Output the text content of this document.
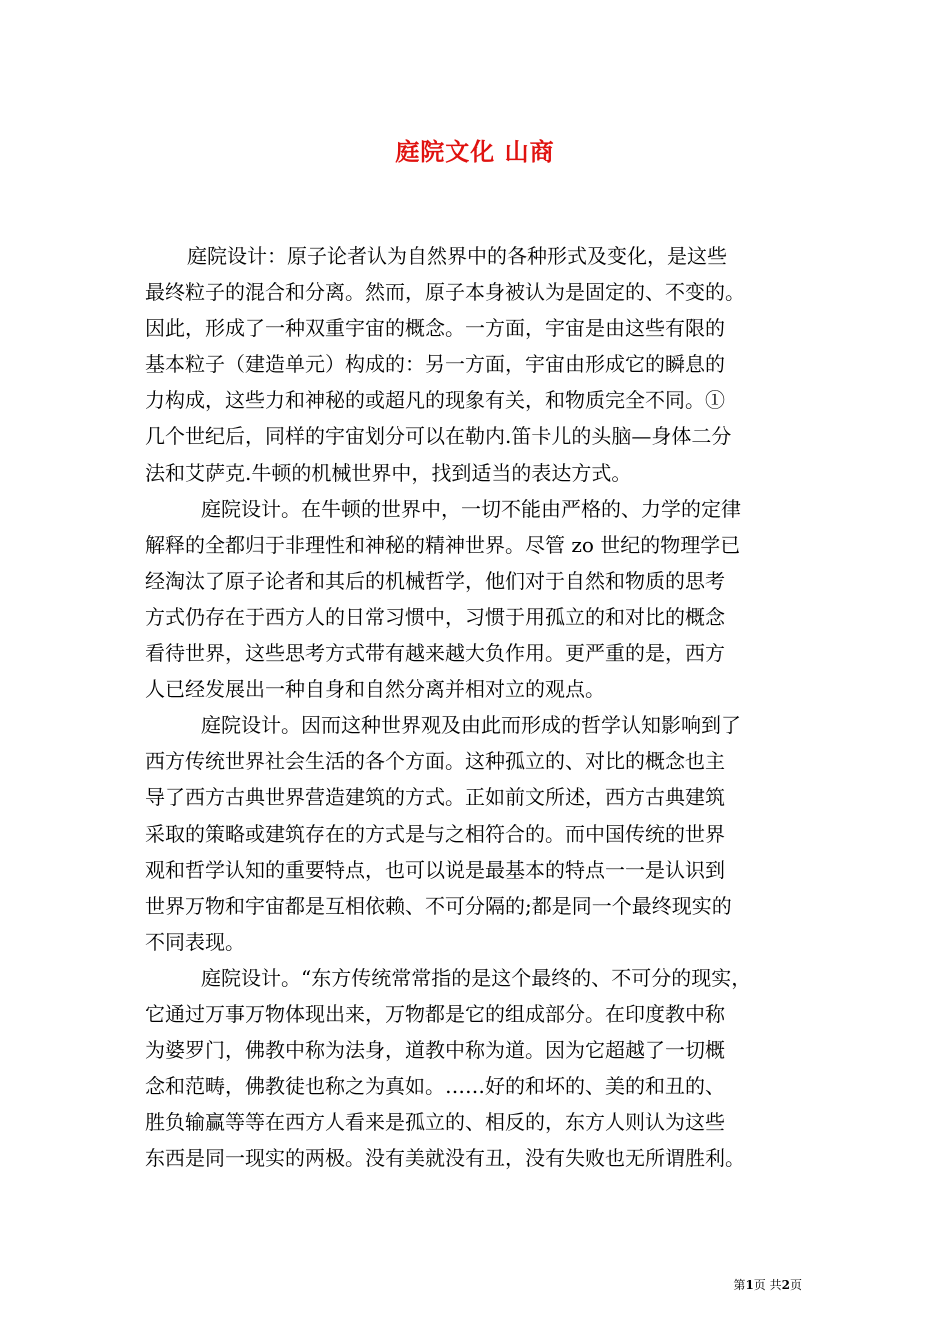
庭院文化 山商
庭院设计：原子论者认为自然界中的各种形式及变化，是这些
最终粒子的混合和分离。然而，原子本身被认为是固定的、不变的。
因此，形成了一种双重宇宙的概念。一方面，宇宙是由这些有限的
基本粒子（建造单元）构成的：另一方面，宇宙由形成它的瞬息的
力构成，这些力和神秘的或超凡的现象有关，和物质完全不同。①
几个世纪后，同样的宇宙划分可以在勒内.笛卡儿的头脑—身体二分
法和艾萨克.牛顿的机械世界中，找到适当的表达方式。
庭院设计。在牛顿的世界中，一切不能由严格的、力学的定律
解释的全都归于非理性和神秘的精神世界。尽管 zo 世纪的物理学已
经淘汰了原子论者和其后的机械哲学，他们对于自然和物质的思考
方式仍存在于西方人的日常习惯中，习惯于用孤立的和对比的概念
看待世界，这些思考方式带有越来越大负作用。更严重的是，西方
人已经发展出一种自身和自然分离并相对立的观点。
庭院设计。因而这种世界观及由此而形成的哲学认知影响到了
西方传统世界社会生活的各个方面。这种孤立的、对比的概念也主
导了西方古典世界营造建筑的方式。正如前文所述，西方古典建筑
采取的策略或建筑存在的方式是与之相符合的。而中国传统的世界
观和哲学认知的重要特点，也可以说是最基本的特点一一是认识到
世界万物和宇宙都是互相依赖、不可分隔的;都是同一个最终现实的
不同表现。
庭院设计。“东方传统常常指的是这个最终的、不可分的现实，
它通过万事万物体现出来，万物都是它的组成部分。在印度教中称
为婆罗门，佛教中称为法身，道教中称为道。因为它超越了一切概
念和范畴，佛教徒也称之为真如。……好的和坏的、美的和丑的、
胜负输赢等等在西方人看来是孤立的、相反的，东方人则认为这些
东西是同一现实的两极。没有美就没有丑，没有失败也无所谓胜利。
第1页 共2页
